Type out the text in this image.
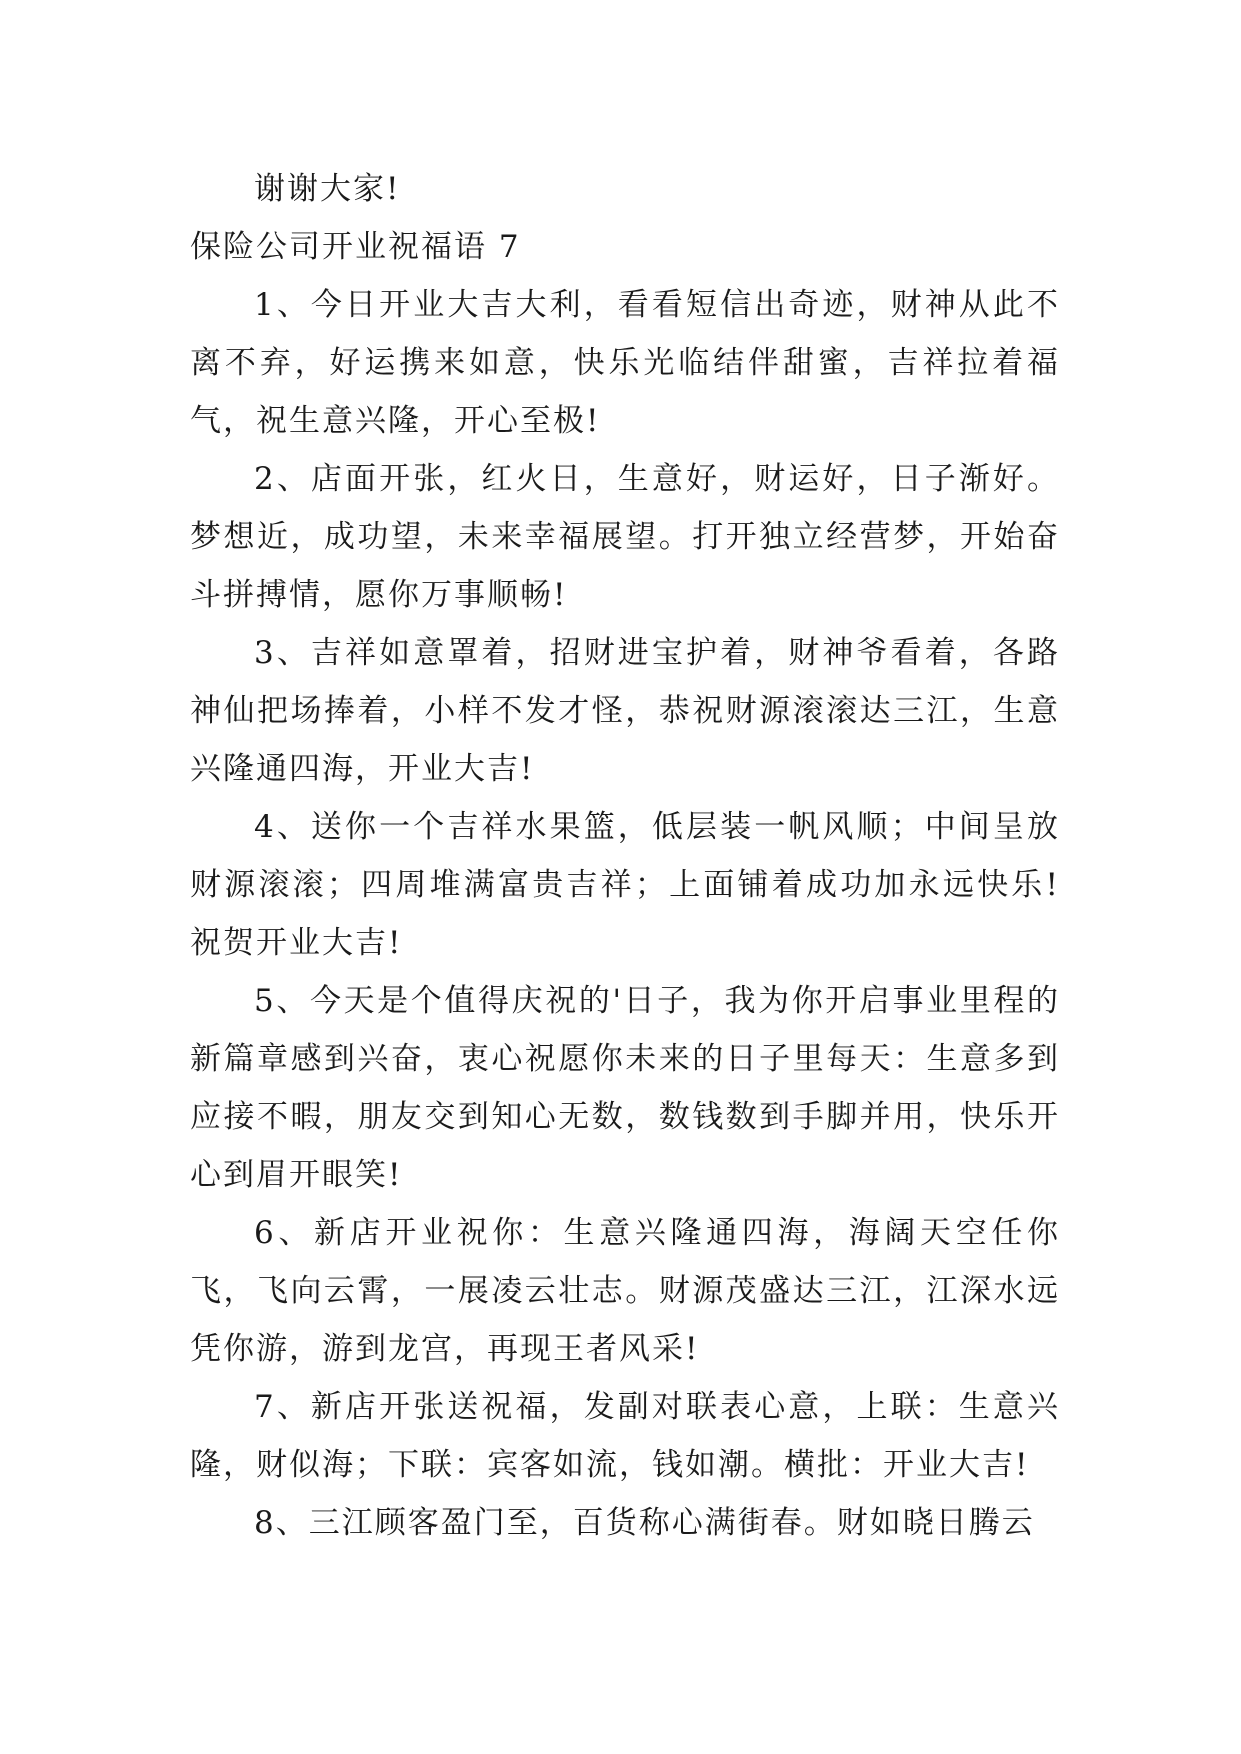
谢谢大家!

保险公司开业祝福语 7

1、今日开业大吉大利，看看短信出奇迹，财神从此不离不弃，好运携来如意，快乐光临结伴甜蜜，吉祥拉着福气，祝生意兴隆，开心至极!

2、店面开张，红火日，生意好，财运好，日子渐好。梦想近，成功望，未来幸福展望。打开独立经营梦，开始奋斗拼搏情，愿你万事顺畅!

3、吉祥如意罩着，招财进宝护着，财神爷看着，各路神仙把场捧着，小样不发才怪，恭祝财源滚滚达三江，生意兴隆通四海，开业大吉!

4、送你一个吉祥水果篮，低层装一帆风顺；中间呈放财源滚滚；四周堆满富贵吉祥；上面铺着成功加永远快乐!祝贺开业大吉!

5、今天是个值得庆祝的'日子，我为你开启事业里程的新篇章感到兴奋，衷心祝愿你未来的日子里每天：生意多到应接不暇，朋友交到知心无数，数钱数到手脚并用，快乐开心到眉开眼笑!

6、新店开业祝你：生意兴隆通四海，海阔天空任你飞，飞向云霄，一展凌云壮志。财源茂盛达三江，江深水远凭你游，游到龙宫，再现王者风采!

7、新店开张送祝福，发副对联表心意，上联：生意兴隆，财似海；下联：宾客如流，钱如潮。横批：开业大吉!

8、三江顾客盈门至，百货称心满街春。财如晓日腾云
